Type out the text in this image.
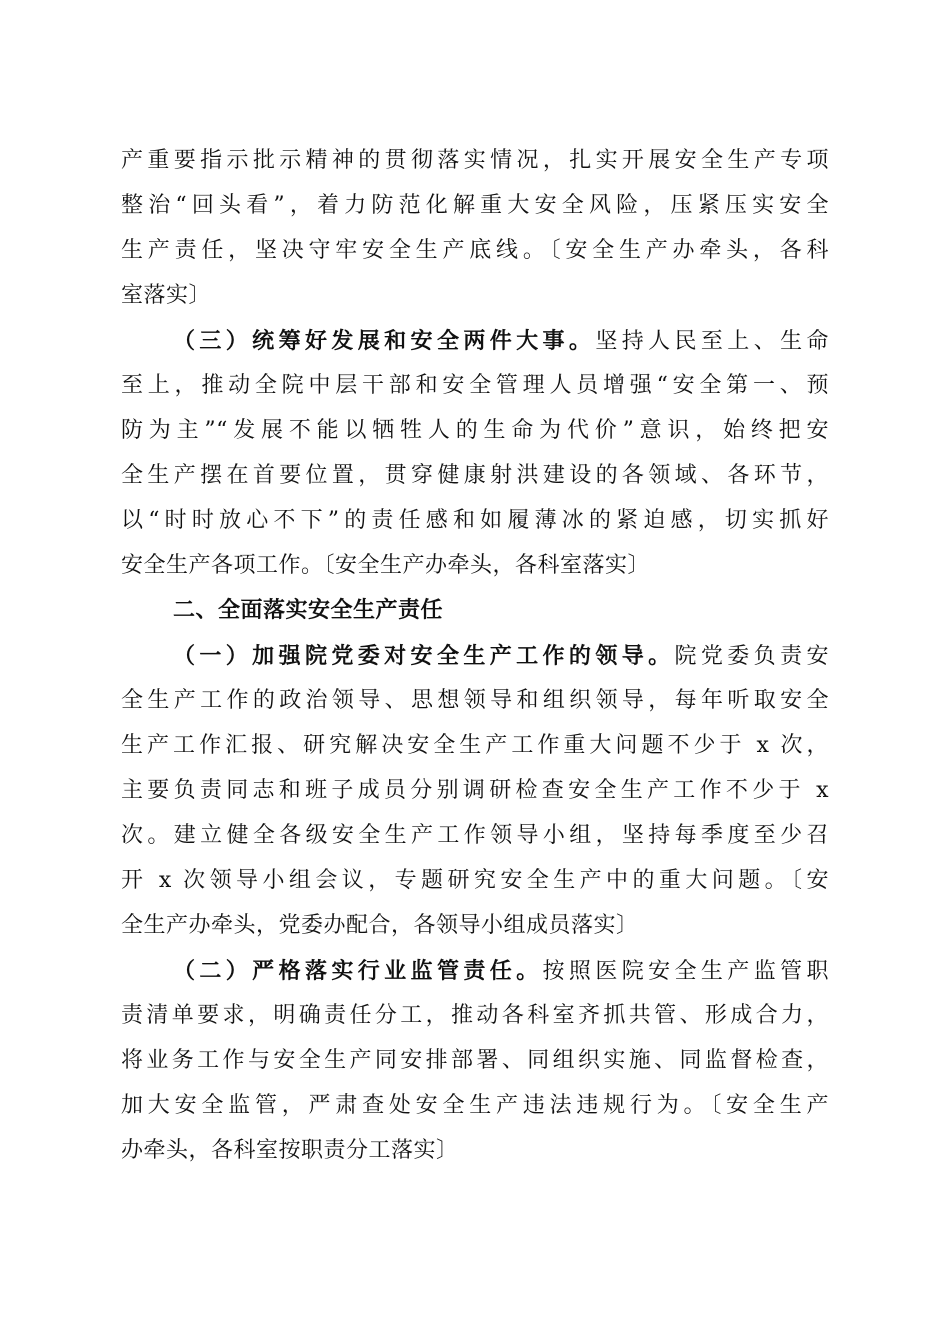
产重要指示批示精神的贯彻落实情况，扎实开展安全生产专项
整治“回头看”，着力防范化解重大安全风险，压紧压实安全
生产责任，坚决守牢安全生产底线。〔安全生产办牵头，各科
室落实〕
（三）统筹好发展和安全两件大事。坚持人民至上、生命
至上，推动全院中层干部和安全管理人员增强“安全第一、预
防为主”“发展不能以牺牲人的生命为代价”意识，始终把安
全生产摆在首要位置，贯穿健康射洪建设的各领域、各环节，
以“时时放心不下”的责任感和如履薄冰的紧迫感，切实抓好
安全生产各项工作。〔安全生产办牵头，各科室落实〕
二、全面落实安全生产责任
（一）加强院党委对安全生产工作的领导。院党委负责安
全生产工作的政治领导、思想领导和组织领导，每年听取安全
生产工作汇报、研究解决安全生产工作重大问题不少于 x 次，
主要负责同志和班子成员分别调研检查安全生产工作不少于 x
次。建立健全各级安全生产工作领导小组，坚持每季度至少召
开 x 次领导小组会议，专题研究安全生产中的重大问题。〔安
全生产办牵头，党委办配合，各领导小组成员落实〕
（二）严格落实行业监管责任。按照医院安全生产监管职
责清单要求，明确责任分工，推动各科室齐抓共管、形成合力，
将业务工作与安全生产同安排部署、同组织实施、同监督检查，
加大安全监管，严肃查处安全生产违法违规行为。〔安全生产
办牵头，各科室按职责分工落实〕
